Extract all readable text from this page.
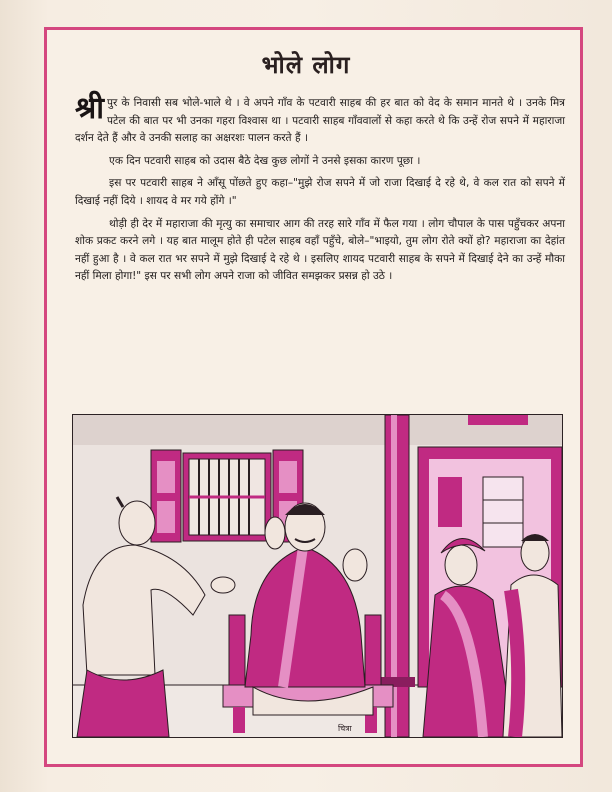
भोले लोग

श्री पुर के निवासी सब भोले-भाले थे । वे अपने गाँव के पटवारी साहब की हर बात को वेद के समान मानते थे । उनके मित्र पटेल की बात पर भी उनका गहरा विश्वास था । पटवारी साहब गाँववालों से कहा करते थे कि उन्हें रोज सपने में महाराजा दर्शन देते हैं और वे उनकी सलाह का अक्षरशः पालन करते हैं ।

एक दिन पटवारी साहब को उदास बैठे देख कुछ लोगों ने उनसे इसका कारण पूछा ।

इस पर पटवारी साहब ने आँसू पोंछते हुए कहा–"मुझे रोज सपने में जो राजा दिखाई दे रहे थे, वे कल रात को सपने में दिखाई नहीं दिये । शायद वे मर गये होंगे ।"

थोड़ी ही देर में महाराजा की मृत्यु का समाचार आग की तरह सारे गाँव में फैल गया । लोग चौपाल के पास पहुँचकर अपना शोक प्रकट करने लगे । यह बात मालूम होते ही पटेल साहब वहाँ पहुँचे, बोले–"भाइयो, तुम लोग रोते क्यों हो? महाराजा का देहांत नहीं हुआ है । वे कल रात भर सपने में मुझे दिखाई दे रहे थे । इसलिए शायद पटवारी साहब के सपने में दिखाई देने का उन्हें मौका नहीं मिला होगा!" इस पर सभी लोग अपने राजा को जीवित समझकर प्रसन्न हो उठे ।

चित्रा
